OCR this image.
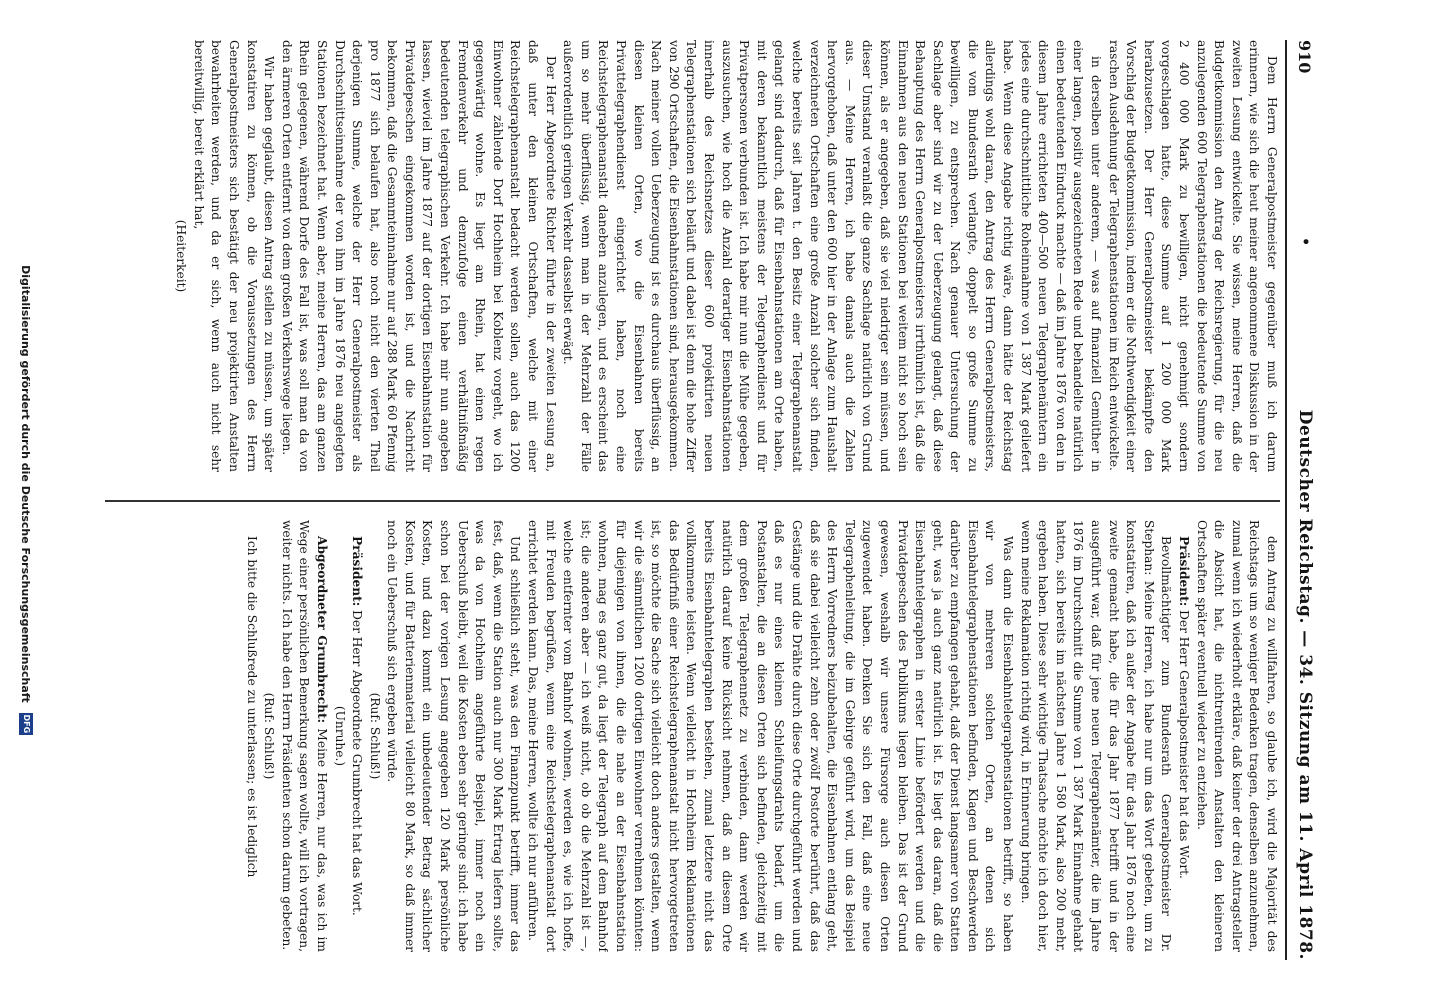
910
•
Deutscher Reichstag. — 34. Sitzung am 11. April 1878.

Dem Herrn Generalpostmeister gegenüber muß ich darum erinnern, wie sich die heut meiner angenommene Diskussion in der zweiten Lesung entwickelte. Sie wissen, meine Herren, daß die Budgetkommission den Antrag der Reichsregierung, für die neu anzulegenden 600 Telegraphenstationen die bedeutende Summe von 2 400 000 Mark zu bewilligen, nicht genehmigt sondern vorgeschlagen hatte, diese Summe auf 1 200 000 Mark herabzusetzen. Der Herr Generalpostmeister bekämpfte den Vorschlag der Budgetkommission, indem er die Nothwendigkeit einer raschen Ausdehnung der Telegraphenstationen im Reich entwickelte.

in derselben unter anderem, — was auf finanziell Gemüther in einer langen, positiv ausgezeichneten Rede und behandelte natürlich einen bedeutenden Eindruck machte — daß im Jahre 1876 von den in diesem Jahre errichteten 400—500 neuen Telegraphenämtern ein jedes eine durchschnittliche Roheinnahme von 1 387 Mark geliefert habe. Wenn diese Angabe richtig wäre, dann hätte der Reichstag allerdings wohl daran, den Antrag des Herrn Generalpostmeisters, die vom Bundesrath verlangte, doppelt so große Summe zu bewilligen, zu entsprechen. Nach genauer Untersuchung der Sachlage aber sind wir zu der Ueberzeugung gelangt, daß diese Behauptung des Herrn Generalpostmeisters irrthümlich ist, daß die Einnahmen aus den neuen Stationen bei weitem nicht so hoch sein können, als er angegeben, daß sie viel niedriger sein müssen, und dieser Umstand veranlaßt die ganze Sachlage natürlich von Grund aus. — Meine Herren, ich habe damals auch die Zahlen hervorgehoben, daß unter den 600 hier in der Anlage zum Haushalt verzeichneten Ortschaften eine große Anzahl solcher sich finden, welche bereits seit Jahren t. den Besitz einer Telegraphenanstalt gelangt sind dadurch, daß für Eisenbahnstationen am Orte haben, mit deren bekanntlich meistens der Telegraphendienst und für Privatpersonen verbunden ist. Ich habe mir nun die Mühe gegeben, auszusuchen, wie hoch die Anzahl derartiger Eisenbahnstationen innerhalb des Reichsnetzes dieser 600 projektirten neuen Telegraphenstationen sich beläuft und dabei ist denn die hohe Ziffer von 290 Ortschaften, die Eisenbahnstationen sind, herausgekommen. Nach meiner vollen Ueberzeugung ist es durchaus überflüssig, an diesen kleinen Orten, wo die Eisenbahnen bereits Privattelegraphendienst eingerichtet haben, noch eine Reichstelegraphenanstalt daneben anzulegen, und es erscheint das um so mehr überflüssig, wenn man in der Mehrzahl der Fälle außerordentlich geringen Verkehr dasselbst erwägt.

Der Herr Abgeordnete Richter führte in der zweiten Lesung an, daß unter den kleinen Ortschaften, welche mit einer Reichstelegraphenanstalt bedacht werden sollen, auch das 1200 Einwohner zählende Dorf Hochheim bei Koblenz vorgeht, wo ich gegenwärtig wohne. Es liegt am Rhein, hat einen regen Fremdenverkehr und demzufolge einen verhältnißmäßig bedeutenden telegraphischen Verkehr. Ich habe mir nun angeben lassen, wieviel im Jahre 1877 auf der dortigen Eisenbahnstation für Privatdepeschen eingekommen worden ist, und die Nachricht bekommen, daß die Gesammteinnahme nur auf 288 Mark 60 Pfennig pro 1877 sich belaufen hat, also noch nicht den vierten Theil derjenigen Summe, welche der Herr Generalpostmeister als Durchschnittseinnahme der von ihm im Jahre 1876 neu angelegten Stationen bezeichnet hat. Wenn aber, meine Herren, das am ganzen Rhein gelegenen, während Dorfe des Fall ist, was soll man da von den ärmeren Orten entfernt von dem großen Verkehrswege liegen.

Wir haben geglaubt, diesen Antrag stellen zu müssen, um später konstatiren zu können, ob die Voraussetzungen des Herrn Generalpostmeisters sich bestätigt der neu projektirten Anstalten bewahrheiten werden, und da er sich, wenn auch nicht sehr bereitwillig, bereit erklärt hat,

(Heiterkeit)

dem Antrag zu willfahren, so glaube ich, wird die Majorität des Reichstags um so weniger Bedenken tragen, denselben anzunehmen, zumal wenn ich wiederholt erkläre, daß keiner der drei Antragsteller die Absicht hat, die nichtrentirenden Anstalten den kleineren Ortschaften später eventuell wieder zu entziehen.

Präsident: Der Herr Generalpostmeister hat das Wort.

Bevollmächtigter zum Bundesrath Generalpostmeister Dr. Stephan: Meine Herren, ich habe nur um das Wort gebeten, um zu konstatiren, daß ich außer der Angabe für das Jahr 1876 noch eine zweite gemacht habe, die für das Jahr 1877 betrifft und in der ausgeführt war, daß für jene neuen Telegraphenämter, die im Jahre 1876 im Durchschnitt die Summe von 1 387 Mark Einnahme gehabt hatten, sich bereits im nächsten Jahre 1 580 Mark, also 200 mehr, ergeben haben. Diese sehr wichtige Thatsache möchte ich doch hier, wenn meine Reklamation richtig wird, in Erinnerung bringen.

Was dann die Eisenbahntelegraphenstationen betrifft, so haben wir von mehreren solchen Orten, an denen sich Eisenbahntelegraphenstationen befinden, Klagen und Beschwerden darüber zu empfangen gehabt, daß der Dienst langsamer von Statten geht, was ja auch ganz natürlich ist. Es liegt das daran, daß die Eisenbahntelegraphen in erster Linie befördert werden und die Privatdepeschen des Publikums liegen bleiben. Das ist der Grund gewesen, weshalb wir unsere Fürsorge auch diesen Orten zugewendet haben. Denken Sie sich den Fall, daß eine neue Telegraphenleitung, die im Gebirge geführt wird, um das Beispiel des Herrn Vorredners beizubehalten, die Eisenbahnen entlang geht, daß sie dabei vielleicht zehn oder zwölf Postorte berührt, daß das Gestänge und die Drähte durch diese Orte durchgeführt werden und daß es nur eines kleinen Schleifungsdrahts bedarf, um die Postanstalten, die an diesen Orten sich befinden, gleichzeitig mit dem großen Telegraphennetz zu verbinden, dann werden wir natürlich darauf keine Rücksicht nehmen, daß an diesem Orte bereits Eisenbahntelegraphen bestehen, zumal letztere nicht das vollkommene leisten. Wenn vielleicht in Hochheim Reklamationen das Bedürfniß einer Reichstelegraphenanstalt nicht hervorgetreten ist, so möchte die Sache sich vielleicht doch anders gestalten, wenn wir die sämmtlichen 1200 dortigen Einwohner vernehmen könnten: für diejenigen von ihnen, die die nahe an der Eisenbahnstation wohnen, mag es ganz gut, da liegt der Telegraph auf dem Bahnhof ist; die anderen aber — ich weiß nicht, ob ob die Mehrzahl ist —, welche entfernter vom Bahnhof wohnen, werden es, wie ich hoffe, mit Freuden begrüßen, wenn eine Reichstelegraphenanstalt dort errichtet werden kann. Das, meine Herren, wollte ich nur anführen.

Und schließlich steht, was den Finanzpunkt betrifft, immer das fest, daß, wenn die Station auch nur 300 Mark Ertrag liefern sollte, was da von Hochheim angeführte Beispiel, immer noch ein Ueberschuß bleibt, weil die Kosten eben sehr geringe sind: ich habe schon bei der vorigen Lesung angegeben 120 Mark persönliche Kosten, und dazu kommt ein unbedeutender Betrag sächlicher Kosten, und für Batterienmaterial vielleicht 80 Mark, so daß immer noch ein Ueberschuß sich ergeben würde.

(Ruf: Schluß!)

Präsident: Der Herr Abgeordnete Grumbrecht hat das Wort.

(Unruhe.)

Abgeordneter Grumbrecht: Meine Herren, nur das, was ich im Wege einer persönlichen Bemerkung sagen wollte, will ich vortragen, weiter nichts. Ich habe den Herrn Präsidenten schon darum gebeten.

(Ruf: Schluß!)

Ich bitte die Schlußrede zu unterlassen; es ist lediglich

Digitalisierung gefördert durch die Deutsche Forschungsgemeinschaft
DFG
